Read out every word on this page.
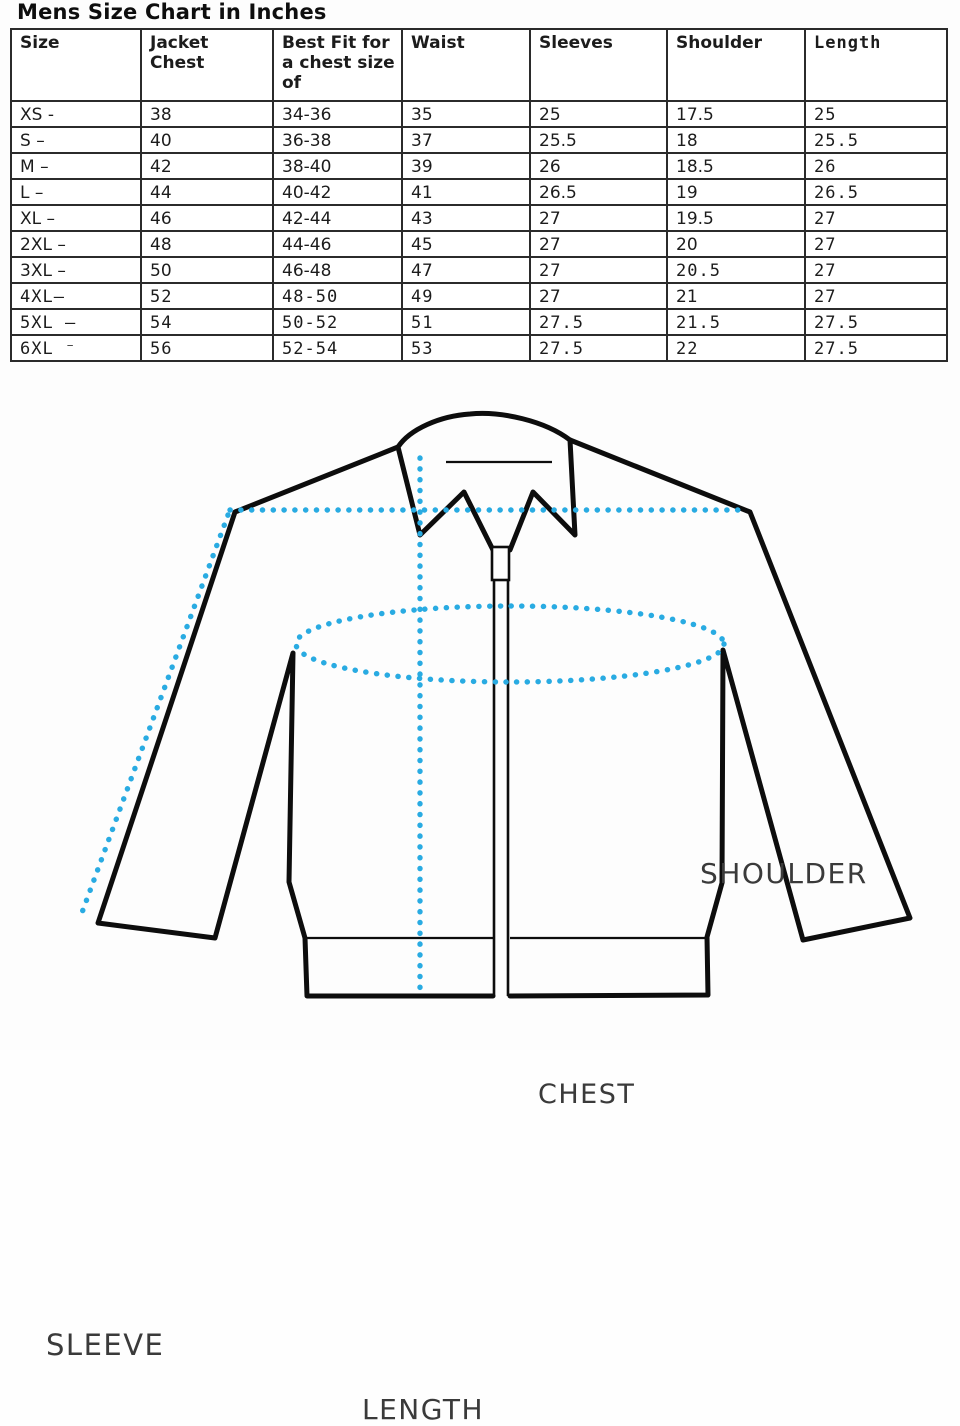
Mens Size Chart in Inches
Size	Jacket Chest	Best Fit for a chest size of	Waist	Sleeves	Shoulder	Length
XS -	38	34-36	35	25	17.5	25
S –	40	36-38	37	25.5	18	25.5
M –	42	38-40	39	26	18.5	26
L –	44	40-42	41	26.5	19	26.5
XL –	46	42-44	43	27	19.5	27
2XL –	48	44-46	45	27	20	27
3XL –	50	46-48	47	27	20.5	27
4XL–	52	48-50	49	27	21	27
5XL –	54	50-52	51	27.5	21.5	27.5
6XL ⁻	56	52-54	53	27.5	22	27.5
SHOULDER
CHEST
SLEEVE
LENGTH
